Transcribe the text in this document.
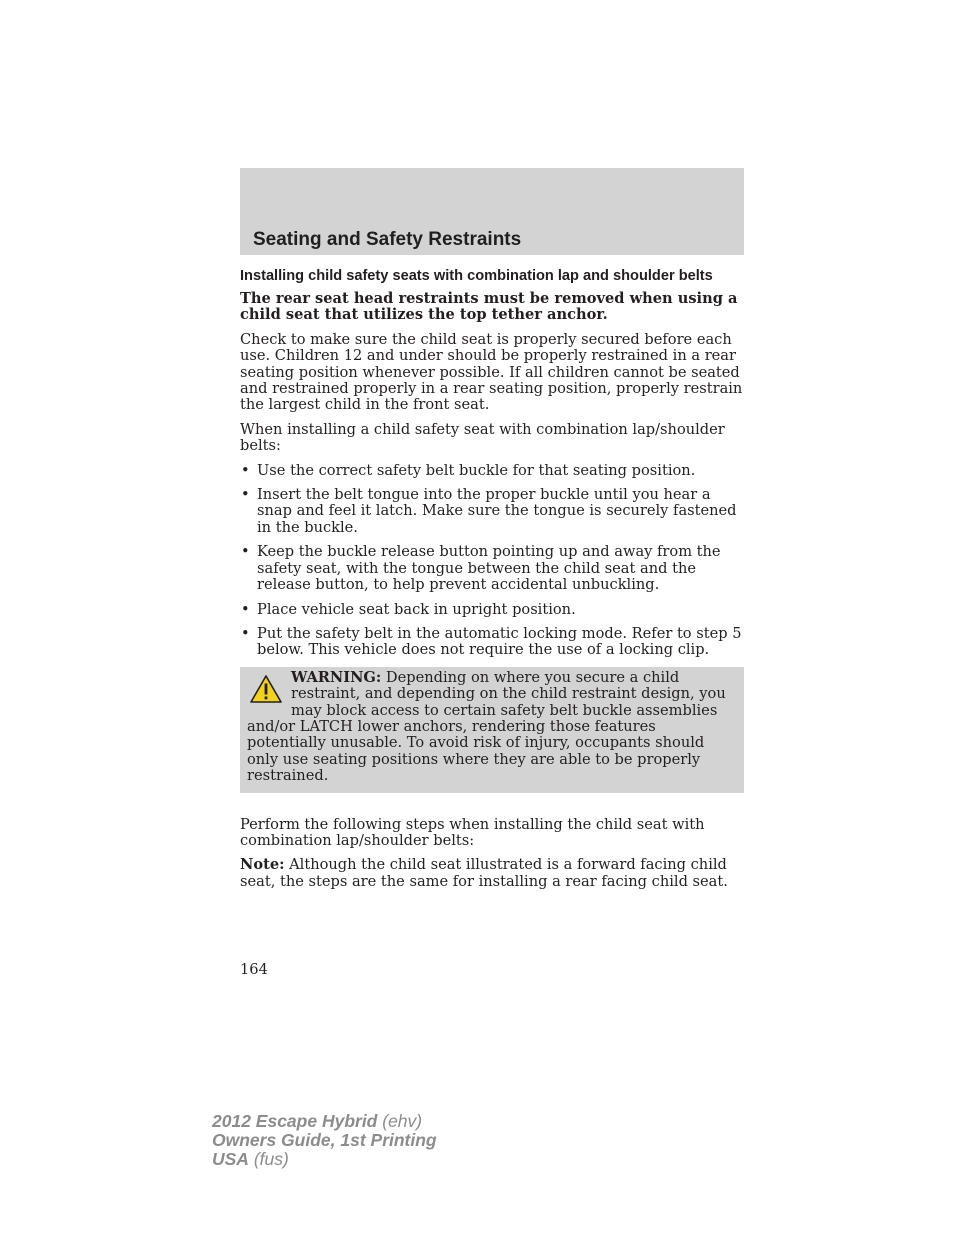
Seating and Safety Restraints
Installing child safety seats with combination lap and shoulder belts

The rear seat head restraints must be removed when using a child seat that utilizes the top tether anchor.

Check to make sure the child seat is properly secured before each use. Children 12 and under should be properly restrained in a rear seating position whenever possible. If all children cannot be seated and restrained properly in a rear seating position, properly restrain the largest child in the front seat.

When installing a child safety seat with combination lap/shoulder belts:

• Use the correct safety belt buckle for that seating position.
• Insert the belt tongue into the proper buckle until you hear a snap and feel it latch. Make sure the tongue is securely fastened in the buckle.
• Keep the buckle release button pointing up and away from the safety seat, with the tongue between the child seat and the release button, to help prevent accidental unbuckling.
• Place vehicle seat back in upright position.
• Put the safety belt in the automatic locking mode. Refer to step 5 below. This vehicle does not require the use of a locking clip.
WARNING: Depending on where you secure a child restraint, and depending on the child restraint design, you may block access to certain safety belt buckle assemblies and/or LATCH lower anchors, rendering those features potentially unusable. To avoid risk of injury, occupants should only use seating positions where they are able to be properly restrained.

Perform the following steps when installing the child seat with combination lap/shoulder belts:

Note: Although the child seat illustrated is a forward facing child seat, the steps are the same for installing a rear facing child seat.

164
2012 Escape Hybrid (ehv)
Owners Guide, 1st Printing
USA (fus)
